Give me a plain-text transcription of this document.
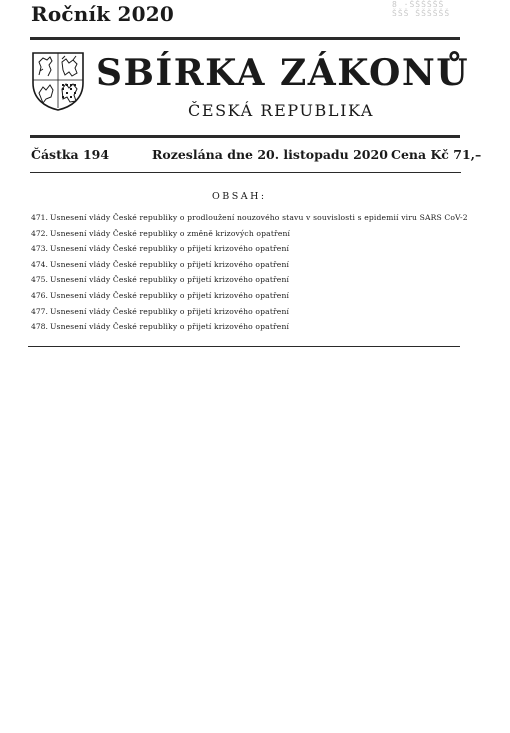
Ročník 2020	8 ·ŠŠŠŠŠŠ
ŠŠŠ ŠŠŠŠŠŠ
SBÍRKA ZÁKONŮ
ČESKÁ REPUBLIKA
Částka 194	Rozeslána dne 20. listopadu 2020 Cena Kč 71,–
OBSAH:
471. Usnesení vlády České republiky o prodloužení nouzového stavu v souvislosti s epidemií viru SARS CoV-2
472. Usnesení vlády České republiky o změně krizových opatření
473. Usnesení vlády České republiky o přijetí krizového opatření
474. Usnesení vlády České republiky o přijetí krizového opatření
475. Usnesení vlády České republiky o přijetí krizového opatření
476. Usnesení vlády České republiky o přijetí krizového opatření
477. Usnesení vlády České republiky o přijetí krizového opatření
478. Usnesení vlády České republiky o přijetí krizového opatření
